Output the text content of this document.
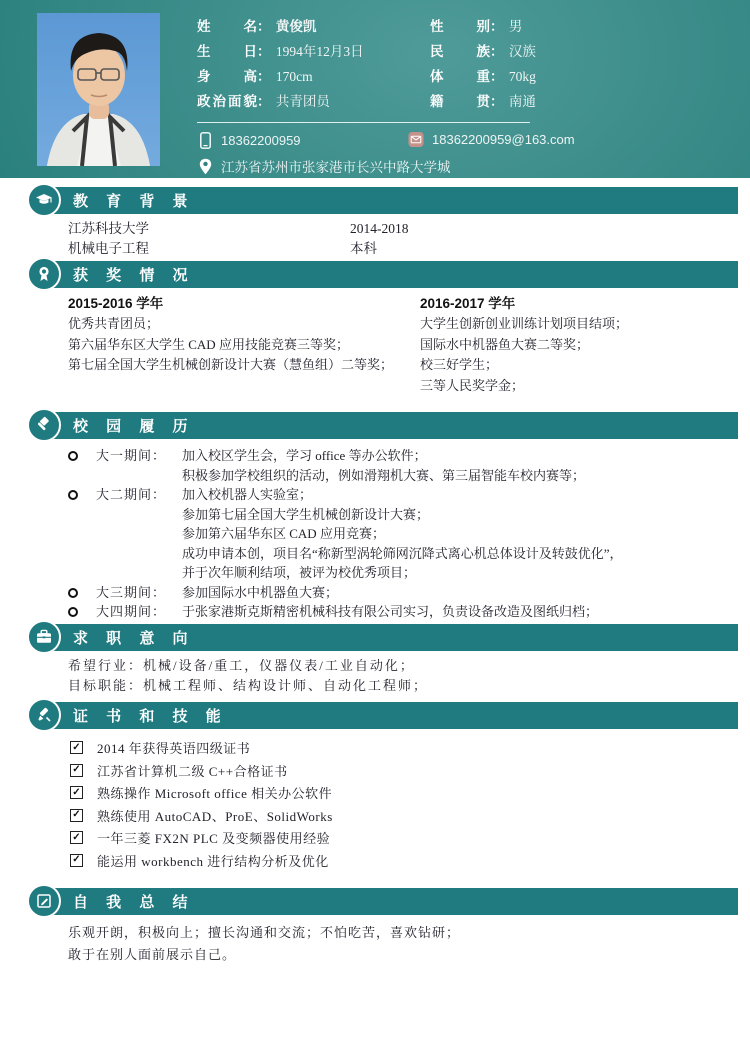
姓名： 黄俊凯
生日： 1994年12月3日
身高： 170cm
政治面貌： 共青团员
性别： 男
民族： 汉族
体重： 70kg
籍贯： 南通
18362200959	18362200959@163.com
江苏省苏州市张家港市长兴中路大学城
教 育 背 景
江苏科技大学	2014-2018
机械电子工程	本科
获 奖 情 况
2015-2016 学年
优秀共青团员；
第六届华东区大学生 CAD 应用技能竞赛三等奖；
第七届全国大学生机械创新设计大赛（慧鱼组）二等奖；
2016-2017 学年
大学生创新创业训练计划项目结项；
国际水中机器鱼大赛二等奖；
校三好学生；
三等人民奖学金；
校 园 履 历
大一期间：	加入校区学生会，学习 office 等办公软件；
积极参加学校组织的活动，例如滑翔机大赛、第三届智能车校内赛等；
大二期间：	加入校机器人实验室；
参加第七届全国大学生机械创新设计大赛；
参加第六届华东区 CAD 应用竞赛；
成功申请本创，项目名“称新型涡轮筛网沉降式离心机总体设计及转鼓优化”，
并于次年顺利结项，被评为校优秀项目；
大三期间：	参加国际水中机器鱼大赛；
大四期间：	于张家港斯克斯精密机械科技有限公司实习，负责设备改造及图纸归档；
求 职 意 向
希望行业：机械/设备/重工，仪器仪表/工业自动化；
目标职能：机械工程师、结构设计师、自动化工程师；
证 书 和 技 能
✓ 2014 年获得英语四级证书
✓ 江苏省计算机二级 C++合格证书
✓ 熟练操作 Microsoft office 相关办公软件
✓ 熟练使用 AutoCAD、ProE、SolidWorks
✓ 一年三菱 FX2N PLC 及变频器使用经验
✓ 能运用 workbench 进行结构分析及优化
自 我 总 结
乐观开朗，积极向上；擅长沟通和交流；不怕吃苦，喜欢钻研；
敢于在别人面前展示自己。
